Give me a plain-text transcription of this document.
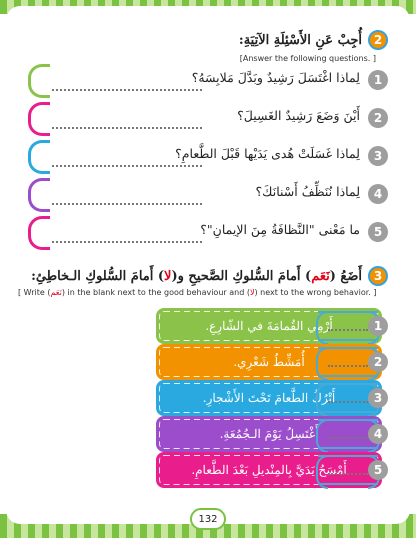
2
أُجِبْ عَنِ الأَسْئِلَةِ الآتِيَةِ:
[Answer the following questions. ]
1
لِماذا اغْتَسَلَ رَشِيدٌ وبَدَّلَ مَلابِسَهُ؟
2
أَيْنَ وَضَعَ رَشِيدٌ الغَسِيلَ؟
3
لِماذا غَسَلَتْ هُدى يَدَيْها قَبْلَ الطَّعامِ؟
4
لِماذا نُنَظِّفُ أَسْنانَكَ؟
5
ما مَعْنى "النَّظافَةُ مِنَ الإيمانِ"؟
3
أَضَعُ (نَعَم) أَمامَ السُّلوكِ الصَّحيحِ و(لا) أَمامَ السُّلوكِ الـخاطِئِ:
[ Write (نَعَم) in the blank next to the good behaviour and (لا) next to the wrong behavior. ]
أَرْمِي القُمامَةَ في الشّارِعِ.	1
أُمَشِّطُ شَعْرِي.	2
أَتْرُكُ الطَّعامَ تَحْتَ الأَشْجارِ.	3
أَغْتَسِلُ يَوْمَ الـجُمُعَةِ.	4
أَمْسَحُ يَدَيَّ بِالمِنْديلِ بَعْدَ الطَّعامِ.	5
132
